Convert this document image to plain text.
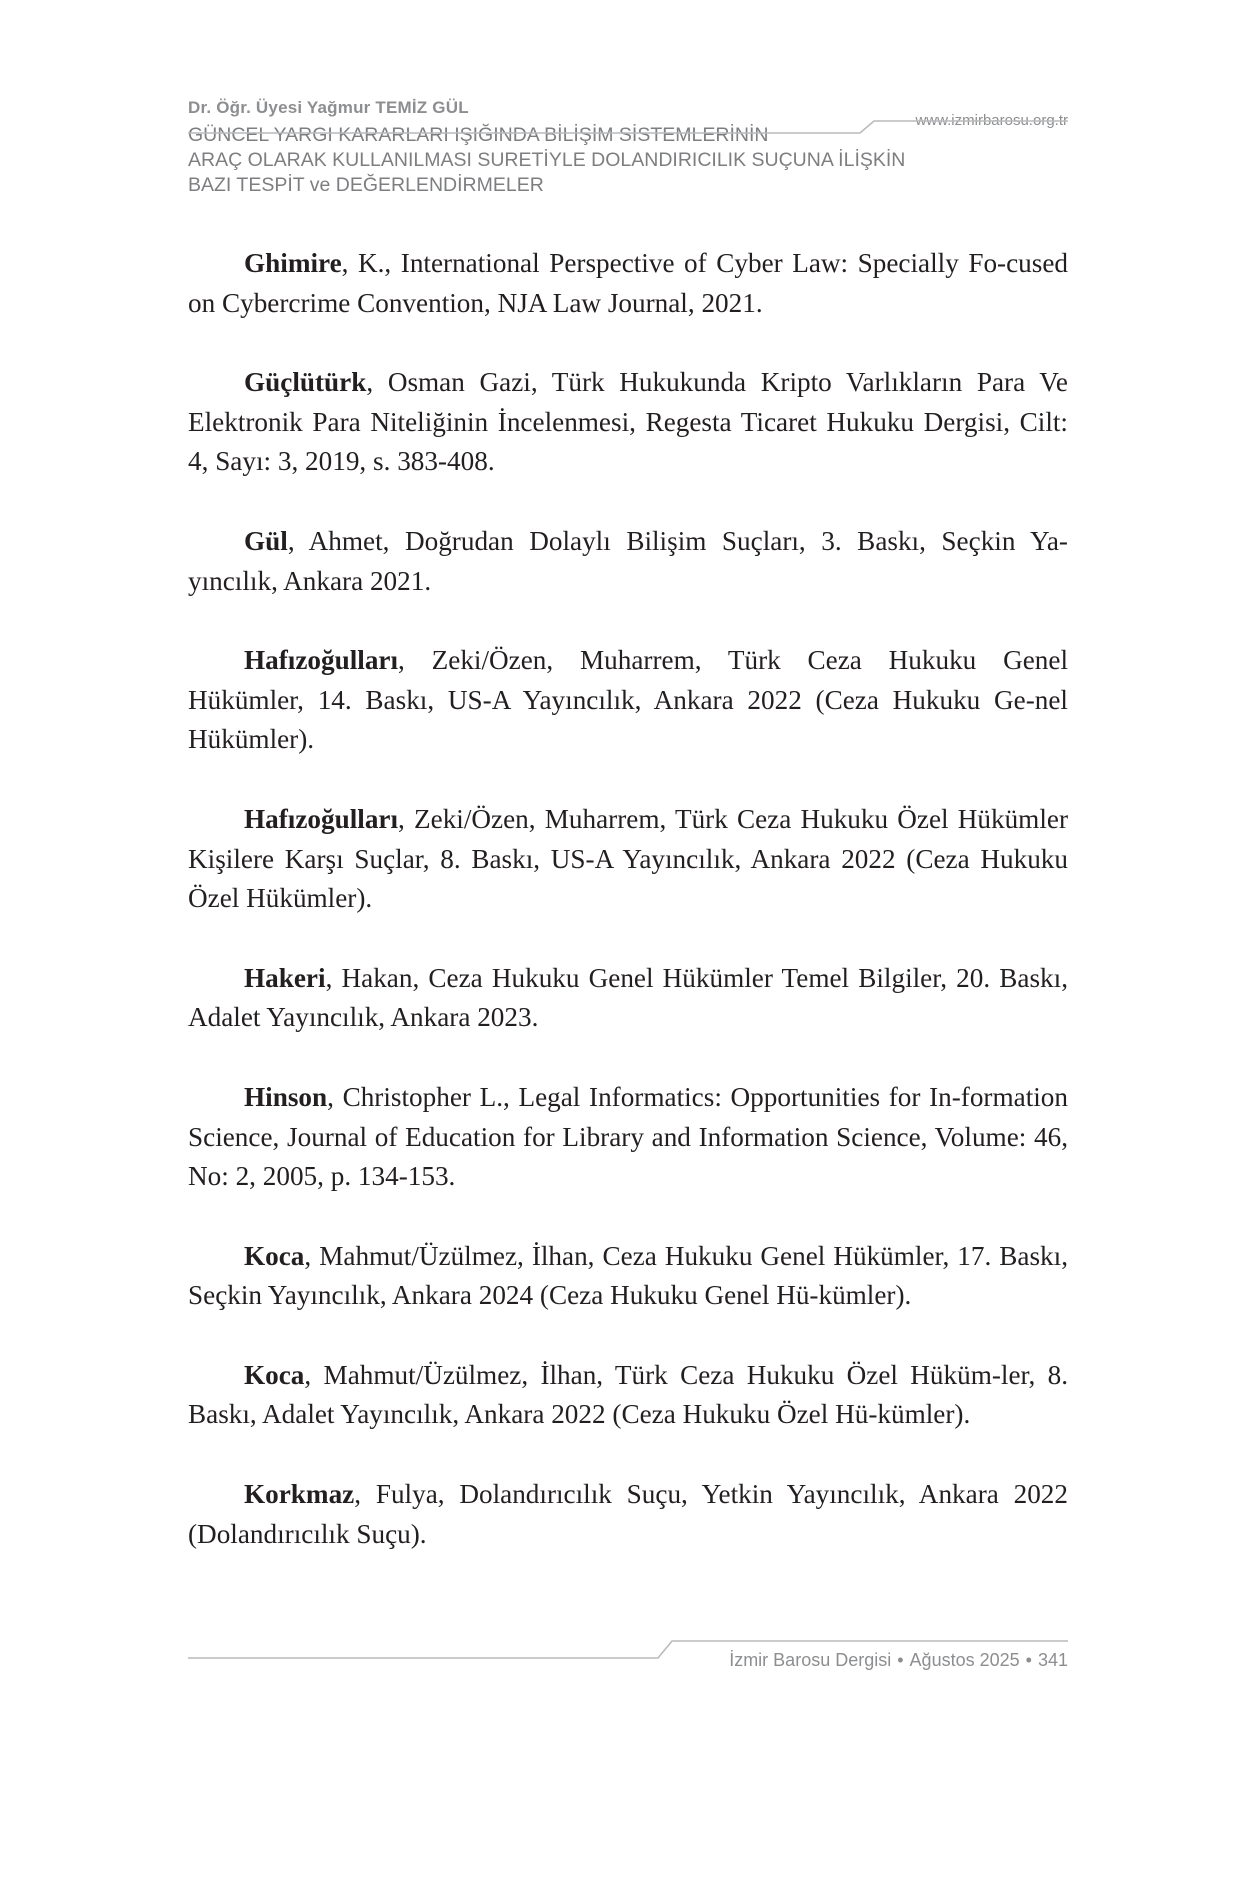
Dr. Öğr. Üyesi Yağmur TEMİZ GÜL

GÜNCEL YARGI KARARLARI IŞIĞINDA BİLİŞİM SİSTEMLERİNİN
ARAÇ OLARAK KULLANILMASI SURETİYLE DOLANDIRICILIK SUÇUNA İLİŞKİN
BAZI TESPİT ve DEĞERLENDİRMELER
www.izmirbarosu.org.tr

Ghimire, K., International Perspective of Cyber Law: Specially Fo-cused on Cybercrime Convention, NJA Law Journal, 2021.

Güçlütürk, Osman Gazi, Türk Hukukunda Kripto Varlıkların Para Ve Elektronik Para Niteliğinin İncelenmesi, Regesta Ticaret Hukuku Dergisi, Cilt: 4, Sayı: 3, 2019, s. 383-408.

Gül, Ahmet, Doğrudan Dolaylı Bilişim Suçları, 3. Baskı, Seçkin Ya-yıncılık, Ankara 2021.

Hafızoğulları, Zeki/Özen, Muharrem, Türk Ceza Hukuku Genel Hükümler, 14. Baskı, US-A Yayıncılık, Ankara 2022 (Ceza Hukuku Ge-nel Hükümler).

Hafızoğulları, Zeki/Özen, Muharrem, Türk Ceza Hukuku Özel Hükümler Kişilere Karşı Suçlar, 8. Baskı, US-A Yayıncılık, Ankara 2022 (Ceza Hukuku Özel Hükümler).

Hakeri, Hakan, Ceza Hukuku Genel Hükümler Temel Bilgiler, 20. Baskı, Adalet Yayıncılık, Ankara 2023.

Hinson, Christopher L., Legal Informatics: Opportunities for In-formation Science, Journal of Education for Library and Information Science, Volume: 46, No: 2, 2005, p. 134-153.

Koca, Mahmut/Üzülmez, İlhan, Ceza Hukuku Genel Hükümler, 17. Baskı, Seçkin Yayıncılık, Ankara 2024 (Ceza Hukuku Genel Hü-kümler).

Koca, Mahmut/Üzülmez, İlhan, Türk Ceza Hukuku Özel Hüküm-ler, 8. Baskı, Adalet Yayıncılık, Ankara 2022 (Ceza Hukuku Özel Hü-kümler).

Korkmaz, Fulya, Dolandırıcılık Suçu, Yetkin Yayıncılık, Ankara 2022 (Dolandırıcılık Suçu).

İzmir Barosu Dergisi • Ağustos 2025 • 341
